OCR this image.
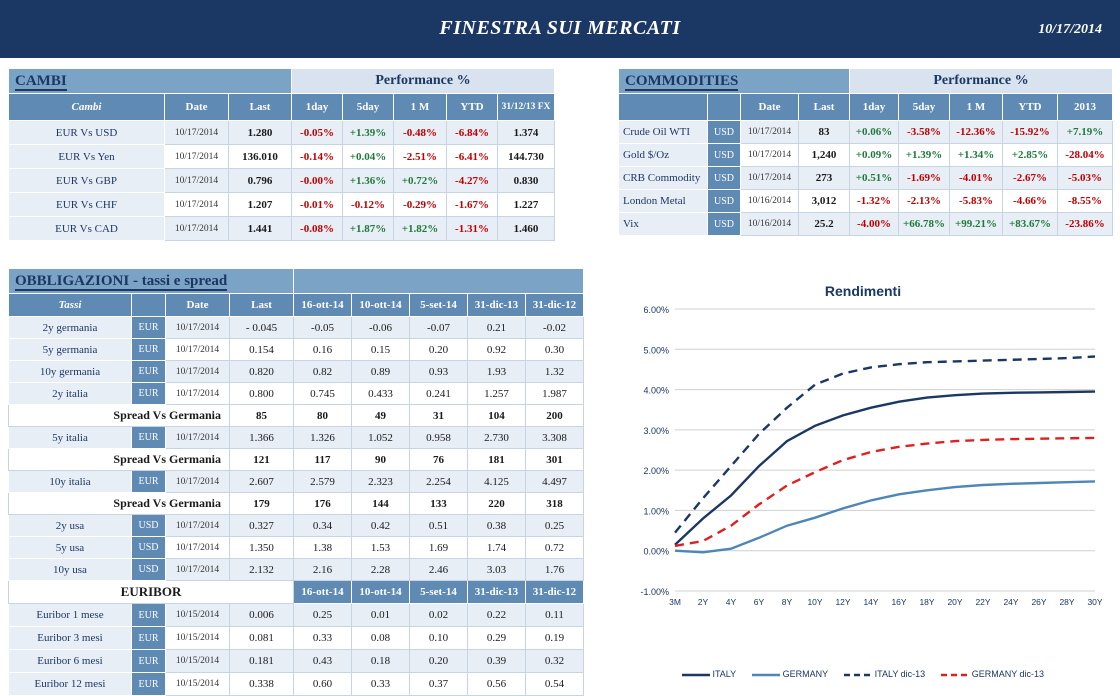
FINESTRA SUI MERCATI	10/17/2014
CAMBI			Performance %				
Cambi	Date	Last	1day	5day	1 M	YTD	31/12/13 FX
EUR Vs USD	10/17/2014	1.280	-0.05%	+1.39%	-0.48%	-6.84%	1.374
EUR Vs Yen	10/17/2014	136.010	-0.14%	+0.04%	-2.51%	-6.41%	144.730
EUR Vs GBP	10/17/2014	0.796	-0.00%	+1.36%	+0.72%	-4.27%	0.830
EUR Vs CHF	10/17/2014	1.207	-0.01%	-0.12%	-0.29%	-1.67%	1.227
EUR Vs CAD	10/17/2014	1.441	-0.08%	+1.87%	+1.82%	-1.31%	1.460
COMMODITIES				Performance %				
		Date	Last	1day	5day	1 M	YTD	2013
Crude Oil WTI	USD	10/17/2014	83	+0.06%	-3.58%	-12.36%	-15.92%	+7.19%
Gold $/Oz	USD	10/17/2014	1,240	+0.09%	+1.39%	+1.34%	+2.85%	-28.04%
CRB Commodity	USD	10/17/2014	273	+0.51%	-1.69%	-4.01%	-2.67%	-5.03%
London Metal	USD	10/16/2014	3,012	-1.32%	-2.13%	-5.83%	-4.66%	-8.55%
Vix	USD	10/16/2014	25.2	-4.00%	+66.78%	+99.21%	+83.67%	-23.86%
OBBLIGAZIONI - tassi e spread								
Tassi		Date	Last	16-ott-14	10-ott-14	5-set-14	31-dic-13	31-dic-12
2y germania	EUR	10/17/2014	- 0.045	-0.05	-0.06	-0.07	0.21	-0.02
5y germania	EUR	10/17/2014	0.154	0.16	0.15	0.20	0.92	0.30
10y germania	EUR	10/17/2014	0.820	0.82	0.89	0.93	1.93	1.32
2y italia	EUR	10/17/2014	0.800	0.745	0.433	0.241	1.257	1.987
Spread Vs Germania			85	80	49	31	104	200
5y italia	EUR	10/17/2014	1.366	1.326	1.052	0.958	2.730	3.308
Spread Vs Germania			121	117	90	76	181	301
10y italia	EUR	10/17/2014	2.607	2.579	2.323	2.254	4.125	4.497
Spread Vs Germania			179	176	144	133	220	318
2y usa	USD	10/17/2014	0.327	0.34	0.42	0.51	0.38	0.25
5y usa	USD	10/17/2014	1.350	1.38	1.53	1.69	1.74	0.72
10y usa	USD	10/17/2014	2.132	2.16	2.28	2.46	3.03	1.76
EURIBOR				16-ott-14	10-ott-14	5-set-14	31-dic-13	31-dic-12
Euribor 1 mese	EUR	10/15/2014	0.006	0.25	0.01	0.02	0.22	0.11
Euribor 3 mesi	EUR	10/15/2014	0.081	0.33	0.08	0.10	0.29	0.19
Euribor 6 mesi	EUR	10/15/2014	0.181	0.43	0.18	0.20	0.39	0.32
Euribor 12 mesi	EUR	10/15/2014	0.338	0.60	0.33	0.37	0.56	0.54
Rendimenti
6.00%
5.00%
4.00%
3.00%
2.00%
1.00%
0.00%
-1.00%
3M 2Y 4Y 6Y 8Y 10Y 12Y 14Y 16Y 18Y 20Y 22Y 24Y 26Y 28Y 30Y
ITALY	GERMANY	ITALY dic-13	GERMANY dic-13
